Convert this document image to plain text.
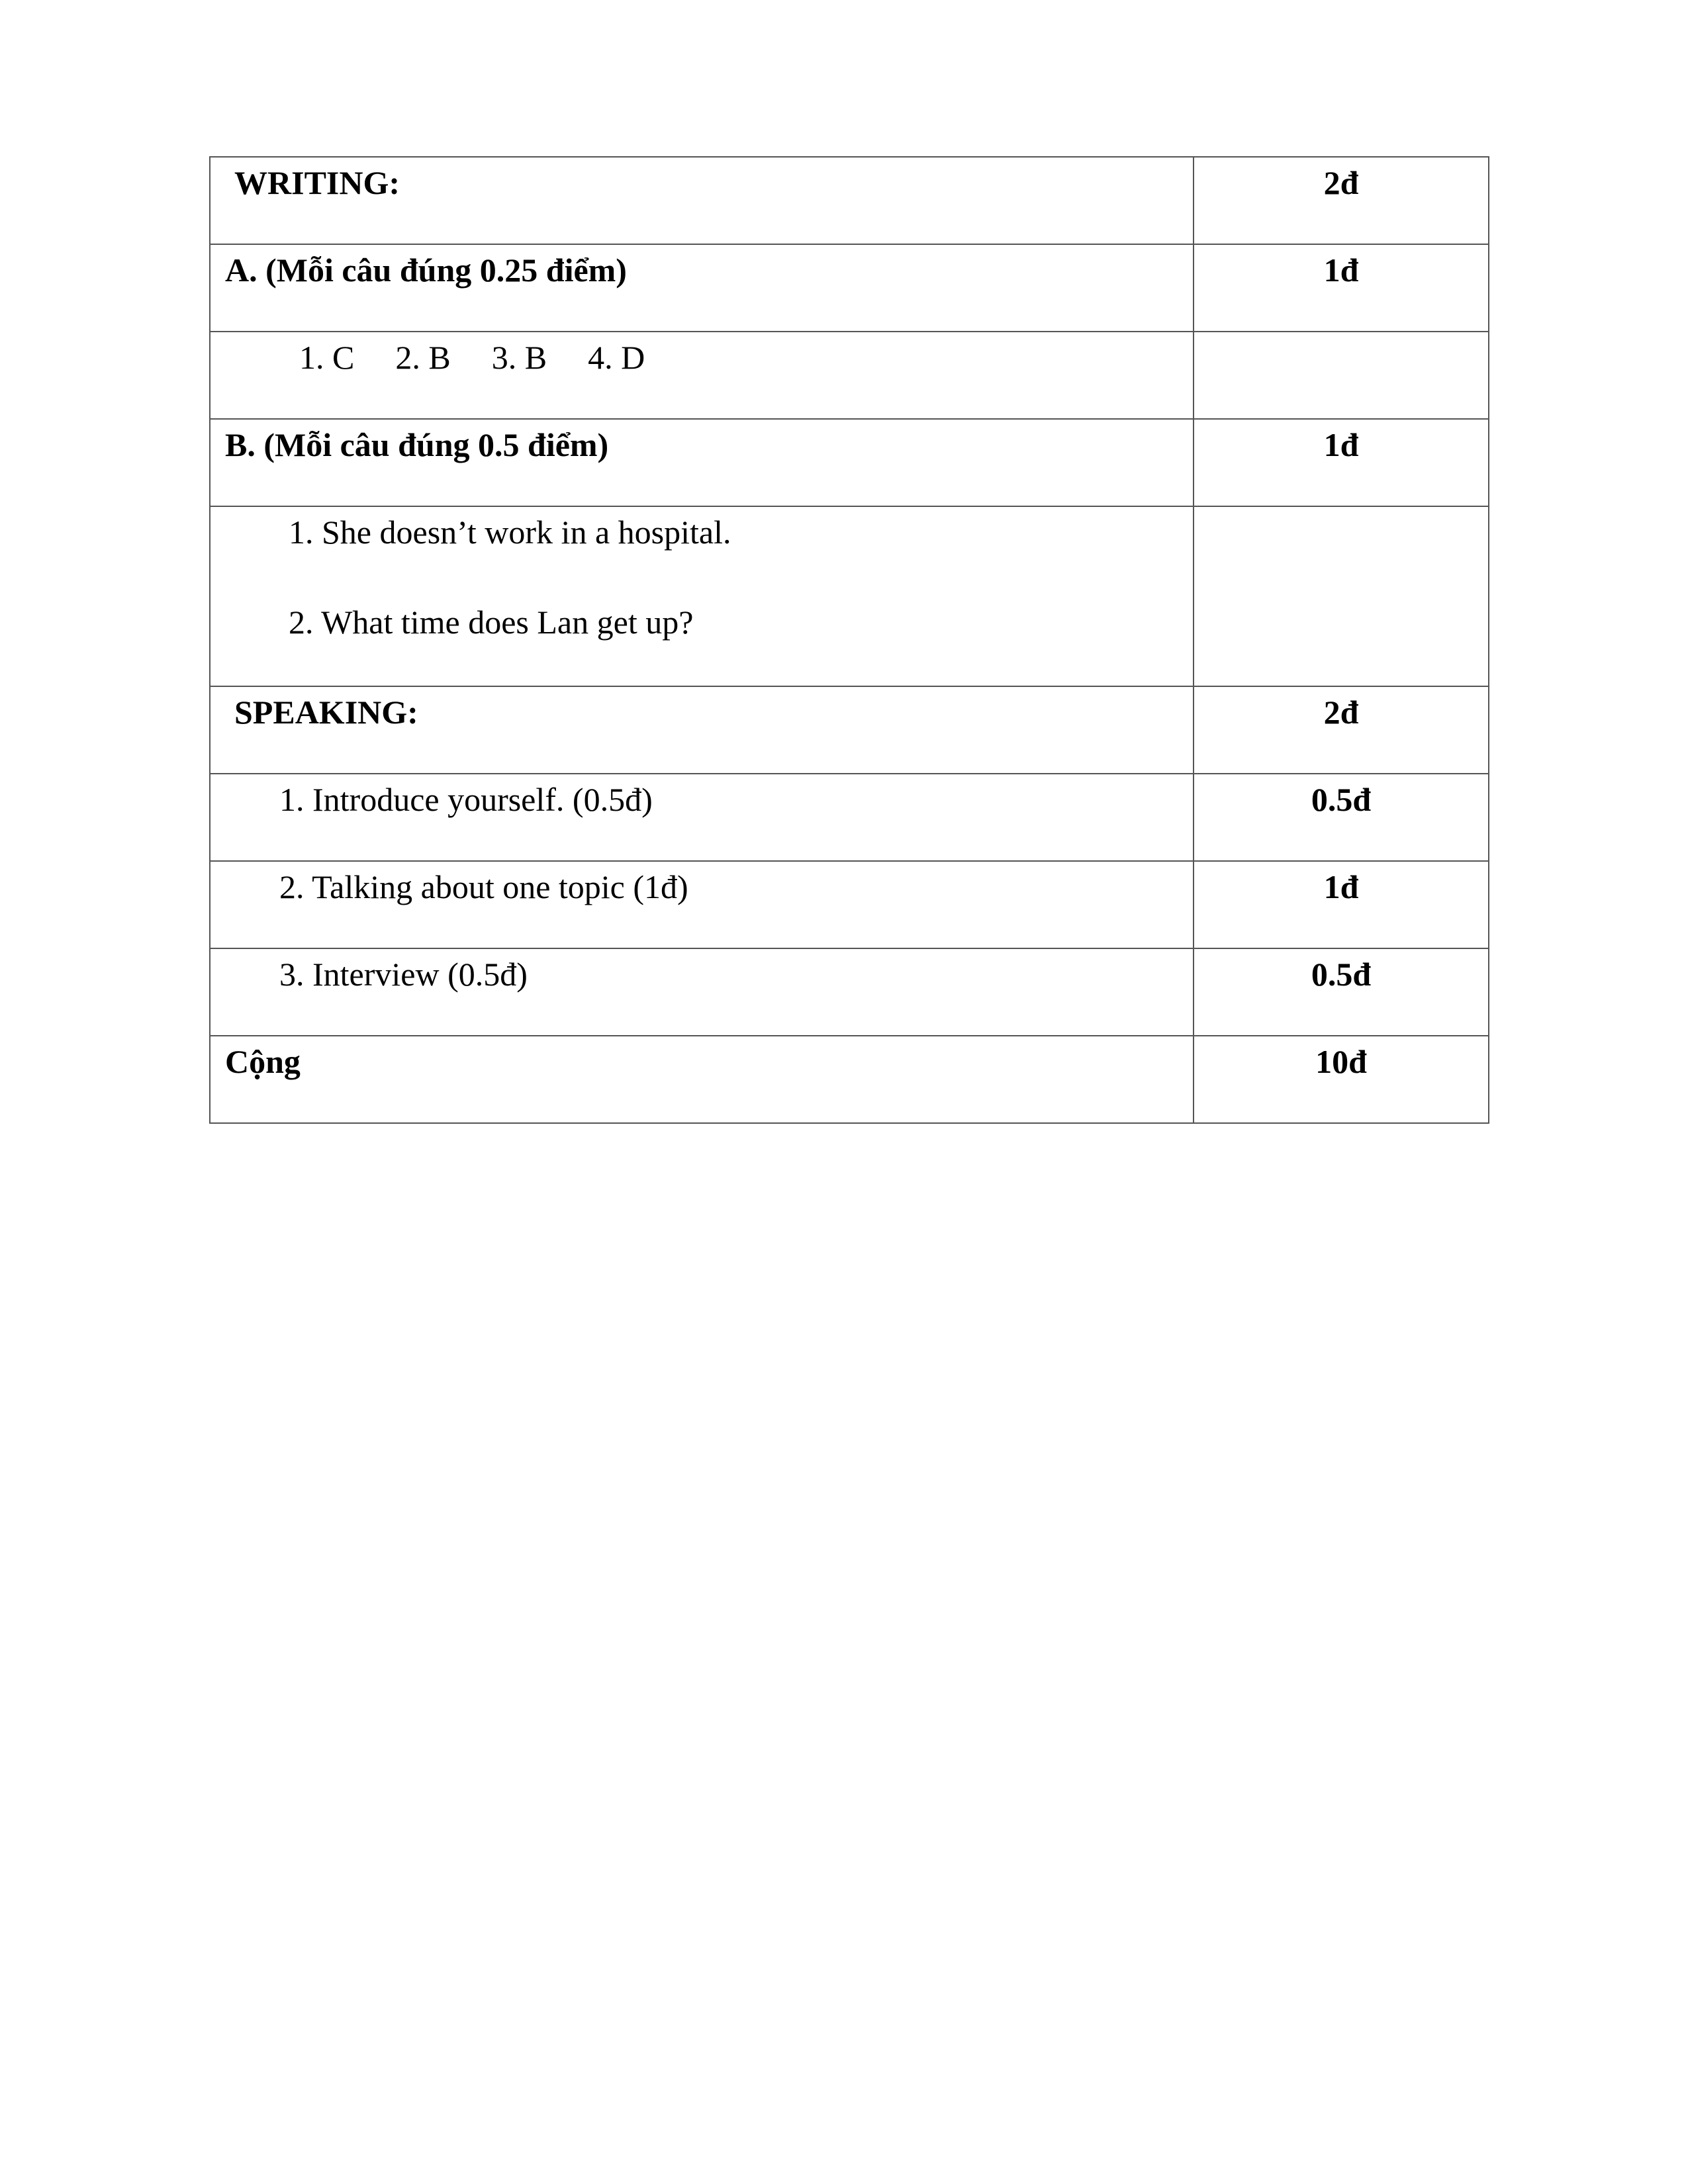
WRITING:	2đ

A. (Mỗi câu đúng 0.25 điểm)	1đ

1. C 2. B 3. B 4. D	

B. (Mỗi câu đúng 0.5 điểm)	1đ

1. She doesn’t work in a hospital.
2. What time does Lan get up?	

SPEAKING:	2đ

1. Introduce yourself. (0.5đ)	0.5đ

2. Talking about one topic (1đ)	1đ

3. Interview (0.5đ)	0.5đ

Cộng	10đ
